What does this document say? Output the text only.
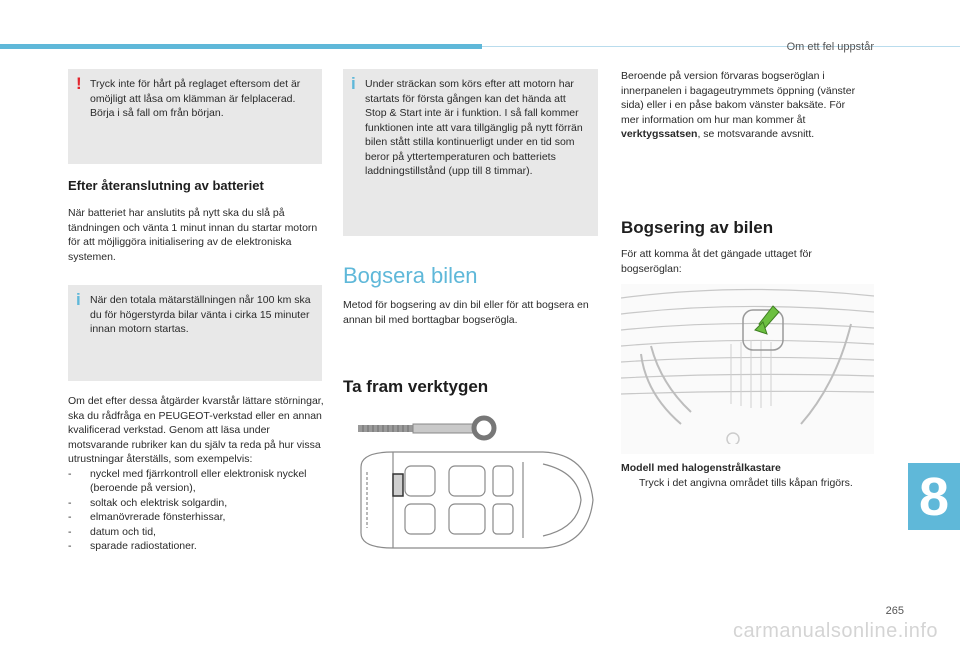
Om ett fel uppstår
8
265
carmanualsonline.info
! Tryck inte för hårt på reglaget eftersom det är omöjligt att låsa om klämman är felplacerad. Börja i så fall om från början.
Efter återanslutning av batteriet
När batteriet har anslutits på nytt ska du slå på tändningen och vänta 1 minut innan du startar motorn för att möjliggöra initialisering av de elektroniska systemen.
i När den totala mätarställningen når 100 km ska du för högerstyrda bilar vänta i cirka 15 minuter innan motorn startas.
Om det efter dessa åtgärder kvarstår lättare störningar, ska du rådfråga en PEUGEOT-verkstad eller en annan kvalificerad verkstad. Genom att läsa under motsvarande rubriker kan du själv ta reda på hur vissa utrustningar återställs, som exempelvis:
- nyckel med fjärrkontroll eller elektronisk nyckel (beroende på version),
- soltak och elektrisk solgardin,
- elmanövrerade fönsterhissar,
- datum och tid,
- sparade radiostationer.
i Under sträckan som körs efter att motorn har startats för första gången kan det hända att Stop & Start inte är i funktion. I så fall kommer funktionen inte att vara tillgänglig på nytt förrän bilen stått stilla kontinuerligt under en tid som beror på yttertemperaturen och batteriets laddningstillstånd (upp till 8 timmar).
Bogsera bilen
Metod för bogsering av din bil eller för att bogsera en annan bil med borttagbar bogserögla.
Ta fram verktygen
Beroende på version förvaras bogseröglan i innerpanelen i bagageutrymmets öppning (vänster sida) eller i en påse bakom vänster baksäte. För mer information om hur man kommer åt verktygssatsen, se motsvarande avsnitt.
Bogsering av bilen
För att komma åt det gängade uttaget för bogseröglan:
Modell med halogenstrålkastare
Tryck i det angivna området tills kåpan frigörs.
